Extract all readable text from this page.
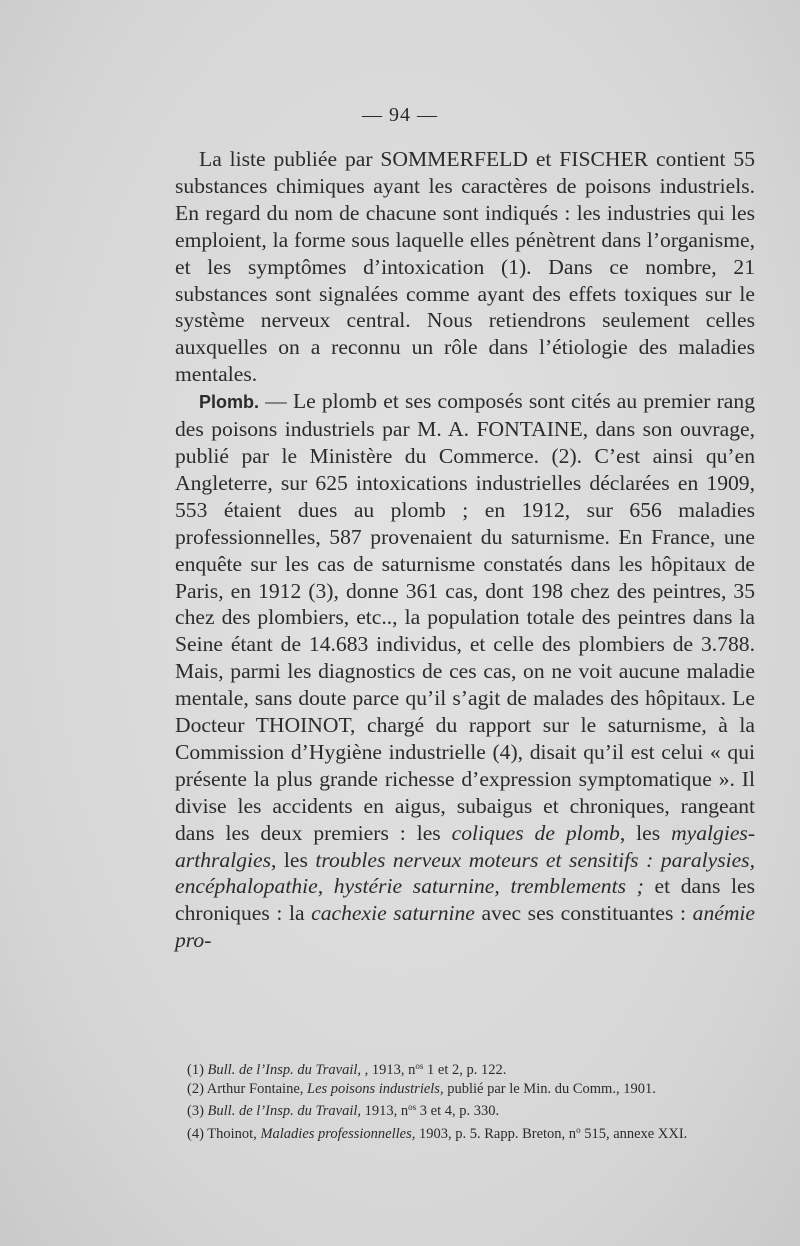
— 94 —

La liste publiée par SOMMERFELD et FISCHER contient 55 substances chimiques ayant les caractères de poisons industriels. En regard du nom de chacune sont indiqués : les industries qui les emploient, la forme sous laquelle elles pénètrent dans l’organisme, et les symptômes d’intoxication (1). Dans ce nombre, 21 substances sont signalées comme ayant des effets toxiques sur le système nerveux central. Nous retiendrons seulement celles auxquelles on a reconnu un rôle dans l’étiologie des maladies mentales.

Plomb. — Le plomb et ses composés sont cités au premier rang des poisons industriels par M. A. FONTAINE, dans son ouvrage, publié par le Ministère du Commerce. (2). C’est ainsi qu’en Angleterre, sur 625 intoxications industrielles déclarées en 1909, 553 étaient dues au plomb ; en 1912, sur 656 maladies professionnelles, 587 provenaient du saturnisme. En France, une enquête sur les cas de saturnisme constatés dans les hôpitaux de Paris, en 1912 (3), donne 361 cas, dont 198 chez des peintres, 35 chez des plombiers, etc.., la population totale des peintres dans la Seine étant de 14.683 individus, et celle des plombiers de 3.788. Mais, parmi les diagnostics de ces cas, on ne voit aucune maladie mentale, sans doute parce qu’il s’agit de malades des hôpitaux. Le Docteur THOINOT, chargé du rapport sur le saturnisme, à la Commission d’Hygiène industrielle (4), disait qu’il est celui « qui présente la plus grande richesse d’expression symptomatique ». Il divise les accidents en aigus, subaigus et chroniques, rangeant dans les deux premiers : les coliques de plomb, les myalgies-arthralgies, les troubles nerveux moteurs et sensitifs : paralysies, encéphalopathie, hystérie saturnine, tremblements ; et dans les chroniques : la cachexie saturnine avec ses constituantes : anémie pro-

(1) Bull. de l’Insp. du Travail, , 1913, $n^{os}$ 1 et 2, p. 122.

(2) Arthur Fontaine, Les poisons industriels, publié par le Min. du Comm., 1901.

(3) Bull. de l’Insp. du Travail, 1913, $n^{os}$ 3 et 4, p. 330.

(4) Thoinot, Maladies professionnelles, 1903, p. 5. Rapp. Breton, $n^o$ 515, annexe XXI.
